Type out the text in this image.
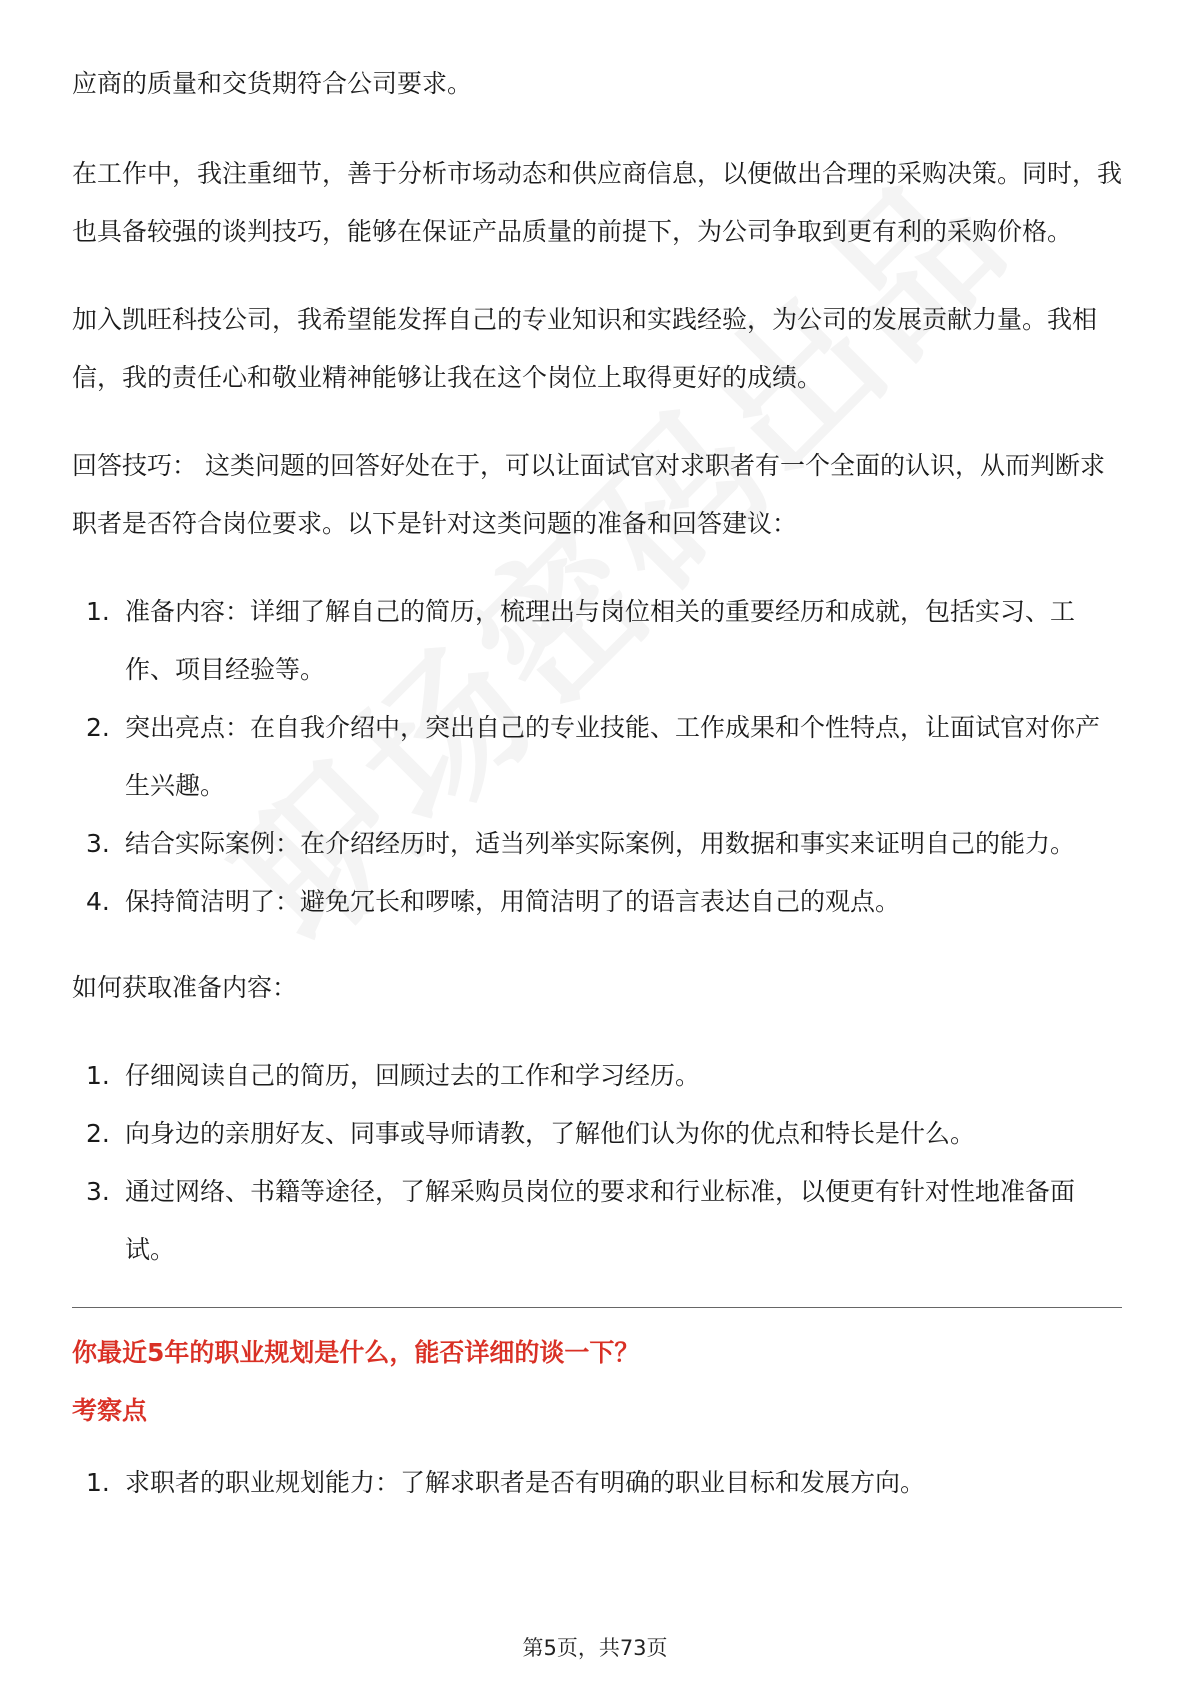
应商的质量和交货期符合公司要求。

在工作中，我注重细节，善于分析市场动态和供应商信息，以便做出合理的采购决策。同时，我也具备较强的谈判技巧，能够在保证产品质量的前提下，为公司争取到更有利的采购价格。

加入凯旺科技公司，我希望能发挥自己的专业知识和实践经验，为公司的发展贡献力量。我相信，我的责任心和敬业精神能够让我在这个岗位上取得更好的成绩。

回答技巧： 这类问题的回答好处在于，可以让面试官对求职者有一个全面的认识，从而判断求职者是否符合岗位要求。以下是针对这类问题的准备和回答建议：

1. 准备内容：详细了解自己的简历，梳理出与岗位相关的重要经历和成就，包括实习、工作、项目经验等。
2. 突出亮点：在自我介绍中，突出自己的专业技能、工作成果和个性特点，让面试官对你产生兴趣。
3. 结合实际案例：在介绍经历时，适当列举实际案例，用数据和事实来证明自己的能力。
4. 保持简洁明了：避免冗长和啰嗦，用简洁明了的语言表达自己的观点。

如何获取准备内容：

1. 仔细阅读自己的简历，回顾过去的工作和学习经历。
2. 向身边的亲朋好友、同事或导师请教，了解他们认为你的优点和特长是什么。
3. 通过网络、书籍等途径，了解采购员岗位的要求和行业标准，以便更有针对性地准备面试。
你最近5年的职业规划是什么，能否详细的谈一下？
考察点
1. 求职者的职业规划能力：了解求职者是否有明确的职业目标和发展方向。
第5页，共73页
